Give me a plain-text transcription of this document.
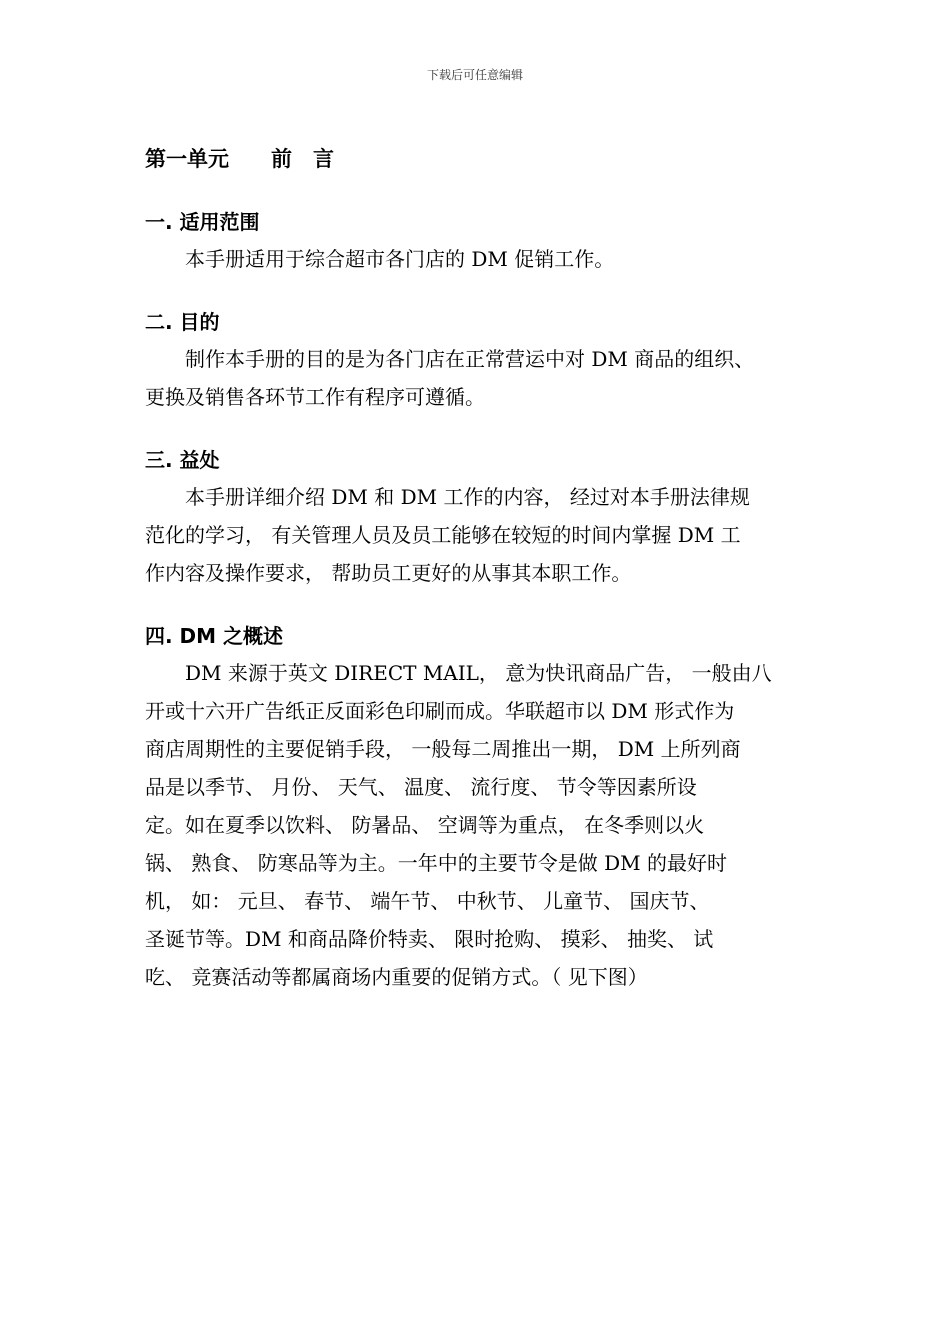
下载后可任意编辑
第一单元　　前　言
一. 适用范围
　　本手册适用于综合超市各门店的 DM 促销工作。
二. 目的
　　制作本手册的目的是为各门店在正常营运中对 DM 商品的组织、
更换及销售各环节工作有程序可遵循。
三. 益处
　　本手册详细介绍 DM 和 DM 工作的内容， 经过对本手册法律规
范化的学习， 有关管理人员及员工能够在较短的时间内掌握 DM 工
作内容及操作要求， 帮助员工更好的从事其本职工作。
四. DM 之概述
　　DM 来源于英文 DIRECT MAIL， 意为快讯商品广告， 一般由八
开或十六开广告纸正反面彩色印刷而成。华联超市以 DM 形式作为
商店周期性的主要促销手段， 一般每二周推出一期， DM 上所列商
品是以季节、 月份、 天气、 温度、 流行度、 节令等因素所设
定。如在夏季以饮料、 防暑品、 空调等为重点， 在冬季则以火
锅、 熟食、 防寒品等为主。一年中的主要节令是做 DM 的最好时
机， 如： 元旦、 春节、 端午节、 中秋节、 儿童节、 国庆节、
圣诞节等。DM 和商品降价特卖、 限时抢购、 摸彩、 抽奖、 试
吃、 竞赛活动等都属商场内重要的促销方式。（ 见下图）
